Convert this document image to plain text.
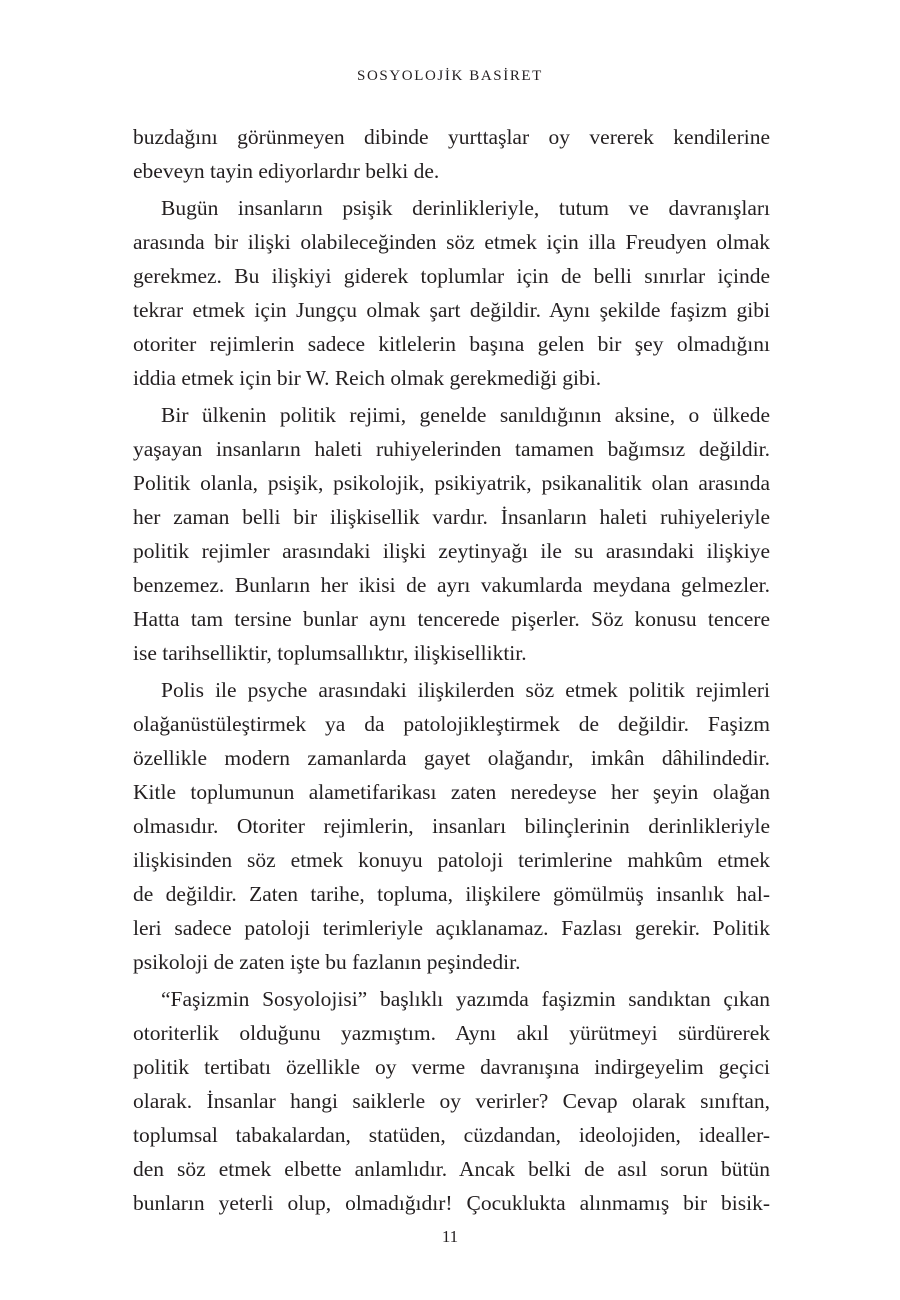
SOSYOLOJİK BASİRET
buzdağını görünmeyen dibinde yurttaşlar oy vererek kendilerine
ebeveyn tayin ediyorlardır belki de.
Bugün insanların psişik derinlikleriyle, tutum ve davranışları
arasında bir ilişki olabileceğinden söz etmek için illa Freudyen olmak
gerekmez. Bu ilişkiyi giderek toplumlar için de belli sınırlar içinde
tekrar etmek için Jungçu olmak şart değildir. Aynı şekilde faşizm gibi
otoriter rejimlerin sadece kitlelerin başına gelen bir şey olmadığını
iddia etmek için bir W. Reich olmak gerekmediği gibi.
Bir ülkenin politik rejimi, genelde sanıldığının aksine, o ülkede
yaşayan insanların haleti ruhiyelerinden tamamen bağımsız değildir.
Politik olanla, psişik, psikolojik, psikiyatrik, psikanalitik olan arasında
her zaman belli bir ilişkisellik vardır. İnsanların haleti ruhiyeleriyle
politik rejimler arasındaki ilişki zeytinyağı ile su arasındaki ilişkiye
benzemez. Bunların her ikisi de ayrı vakumlarda meydana gelmezler.
Hatta tam tersine bunlar aynı tencerede pişerler. Söz konusu tencere
ise tarihselliktir, toplumsallıktır, ilişkiselliktir.
Polis ile psyche arasındaki ilişkilerden söz etmek politik rejimleri
olağanüstüleştirmek ya da patolojikleştirmek de değildir. Faşizm
özellikle modern zamanlarda gayet olağandır, imkân dâhilindedir.
Kitle toplumunun alametifarikası zaten neredeyse her şeyin olağan
olmasıdır. Otoriter rejimlerin, insanları bilinçlerinin derinlikleriyle
ilişkisinden söz etmek konuyu patoloji terimlerine mahkûm etmek
de değildir. Zaten tarihe, topluma, ilişkilere gömülmüş insanlık hal-
leri sadece patoloji terimleriyle açıklanamaz. Fazlası gerekir. Politik
psikoloji de zaten işte bu fazlanın peşindedir.
“Faşizmin Sosyolojisi” başlıklı yazımda faşizmin sandıktan çıkan
otoriterlik olduğunu yazmıştım. Aynı akıl yürütmeyi sürdürerek
politik tertibatı özellikle oy verme davranışına indirgeyelim geçici
olarak. İnsanlar hangi saiklerle oy verirler? Cevap olarak sınıftan,
toplumsal tabakalardan, statüden, cüzdandan, ideolojiden, idealler-
den söz etmek elbette anlamlıdır. Ancak belki de asıl sorun bütün
bunların yeterli olup, olmadığıdır! Çocuklukta alınmamış bir bisik-
11
